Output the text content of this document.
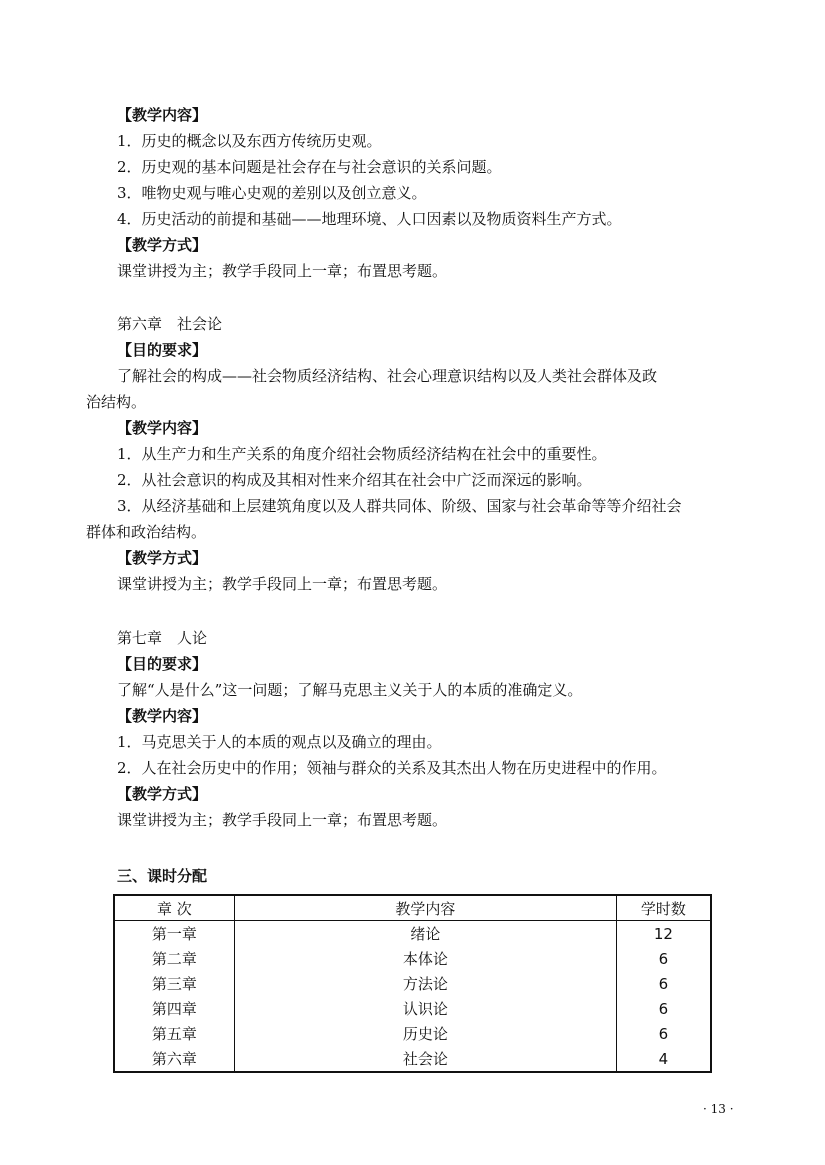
【教学内容】
1．历史的概念以及东西方传统历史观。
2．历史观的基本问题是社会存在与社会意识的关系问题。
3．唯物史观与唯心史观的差别以及创立意义。
4．历史活动的前提和基础——地理环境、人口因素以及物质资料生产方式。
【教学方式】
课堂讲授为主；教学手段同上一章；布置思考题。
第六章　社会论
【目的要求】
了解社会的构成——社会物质经济结构、社会心理意识结构以及人类社会群体及政
治结构。
【教学内容】
1．从生产力和生产关系的角度介绍社会物质经济结构在社会中的重要性。
2．从社会意识的构成及其相对性来介绍其在社会中广泛而深远的影响。
3．从经济基础和上层建筑角度以及人群共同体、阶级、国家与社会革命等等介绍社会
群体和政治结构。
【教学方式】
课堂讲授为主；教学手段同上一章；布置思考题。
第七章　人论
【目的要求】
了解“人是什么”这一问题；了解马克思主义关于人的本质的准确定义。
【教学内容】
1．马克思关于人的本质的观点以及确立的理由。
2．人在社会历史中的作用；领袖与群众的关系及其杰出人物在历史进程中的作用。
【教学方式】
课堂讲授为主；教学手段同上一章；布置思考题。
三、课时分配
章 次	教学内容	学时数
第一章	绪论	12
第二章	本体论	6
第三章	方法论	6
第四章	认识论	6
第五章	历史论	6
第六章	社会论	4
· 13 ·
